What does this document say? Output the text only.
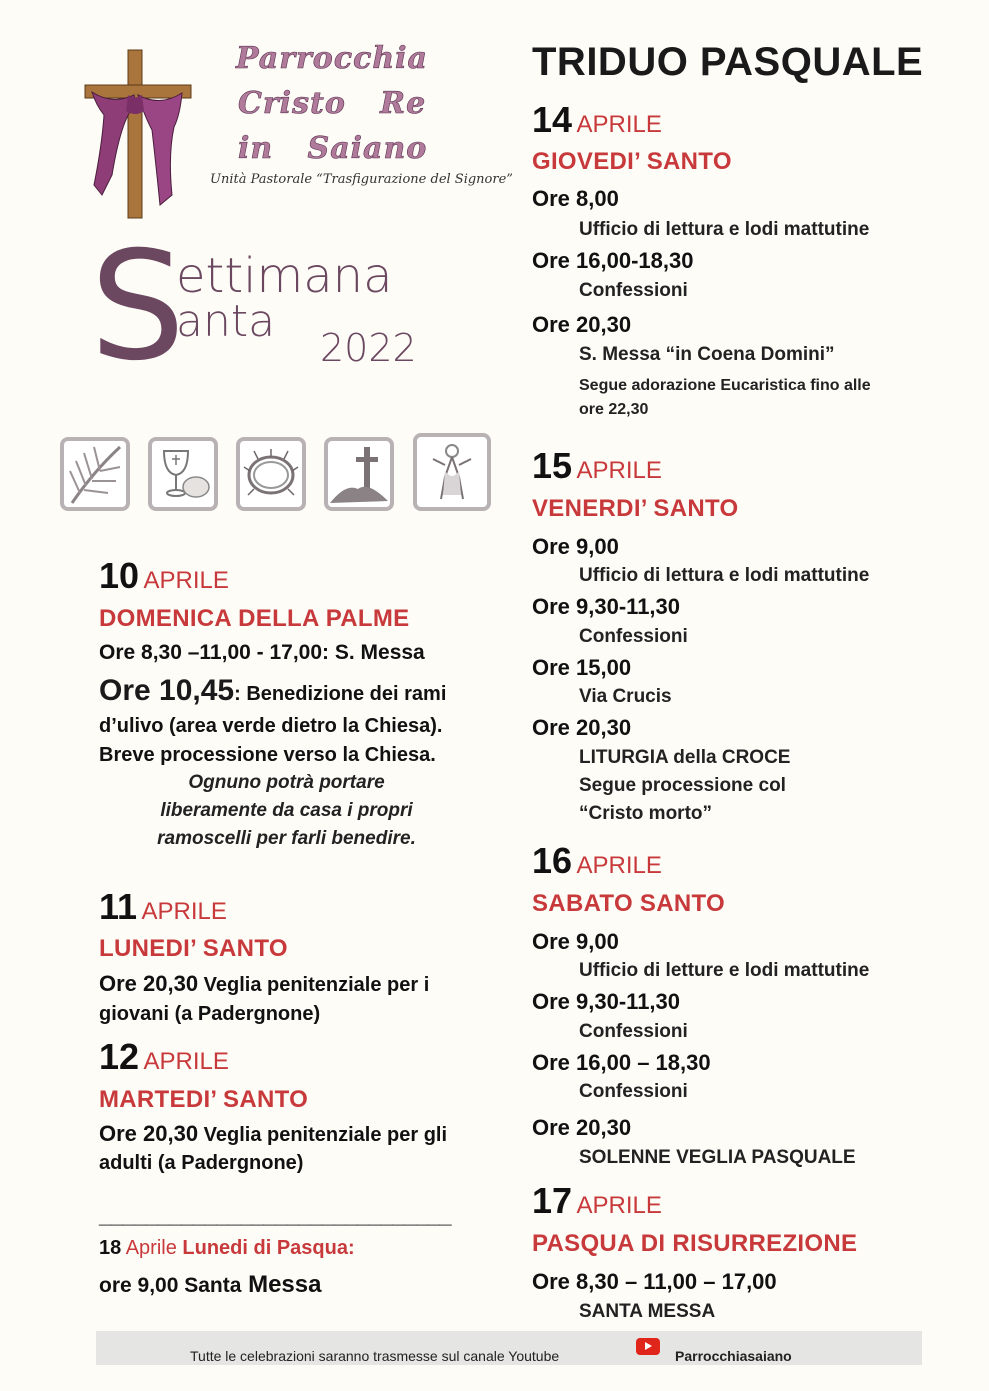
Parrocchia
Cristo   Re
in   Saiano
Unità Pastorale “Trasfigurazione del Signore”
S
ettimana
anta
2022
10 APRILE
DOMENICA DELLA PALME
Ore 8,30 –11,00 - 17,00: S. Messa
Ore 10,45: Benedizione dei rami
d’ulivo (area verde dietro la Chiesa).
Breve processione verso la Chiesa.
Ognuno potrà portare
liberamente da casa i propri
ramoscelli per farli benedire.
11 APRILE
LUNEDI’ SANTO
Ore 20,30 Veglia penitenziale per i
giovani (a Padergnone)
12 APRILE
MARTEDI’ SANTO
Ore 20,30 Veglia penitenziale per gli
adulti (a Padergnone)
______________________________
18 Aprile Lunedi di Pasqua:
ore 9,00 Santa Messa
TRIDUO PASQUALE
14 APRILE
GIOVEDI’ SANTO
Ore 8,00
Ufficio di lettura e lodi mattutine
Ore 16,00-18,30
Confessioni
Ore 20,30
S. Messa “in Coena Domini”
Segue adorazione Eucaristica fino alle
ore 22,30
15 APRILE
VENERDI’ SANTO
Ore 9,00
Ufficio di lettura e lodi mattutine
Ore 9,30-11,30
Confessioni
Ore 15,00
Via Crucis
Ore 20,30
LITURGIA della CROCE
Segue processione col
“Cristo morto”
16 APRILE
SABATO SANTO
Ore 9,00
Ufficio di letture e lodi mattutine
Ore 9,30-11,30
Confessioni
Ore 16,00 – 18,30
Confessioni
Ore 20,30
SOLENNE VEGLIA PASQUALE
17 APRILE
PASQUA DI RISURREZIONE
Ore 8,30 – 11,00 – 17,00
SANTA MESSA
Tutte le celebrazioni saranno trasmesse sul canale Youtube	Parrocchiasaiano
